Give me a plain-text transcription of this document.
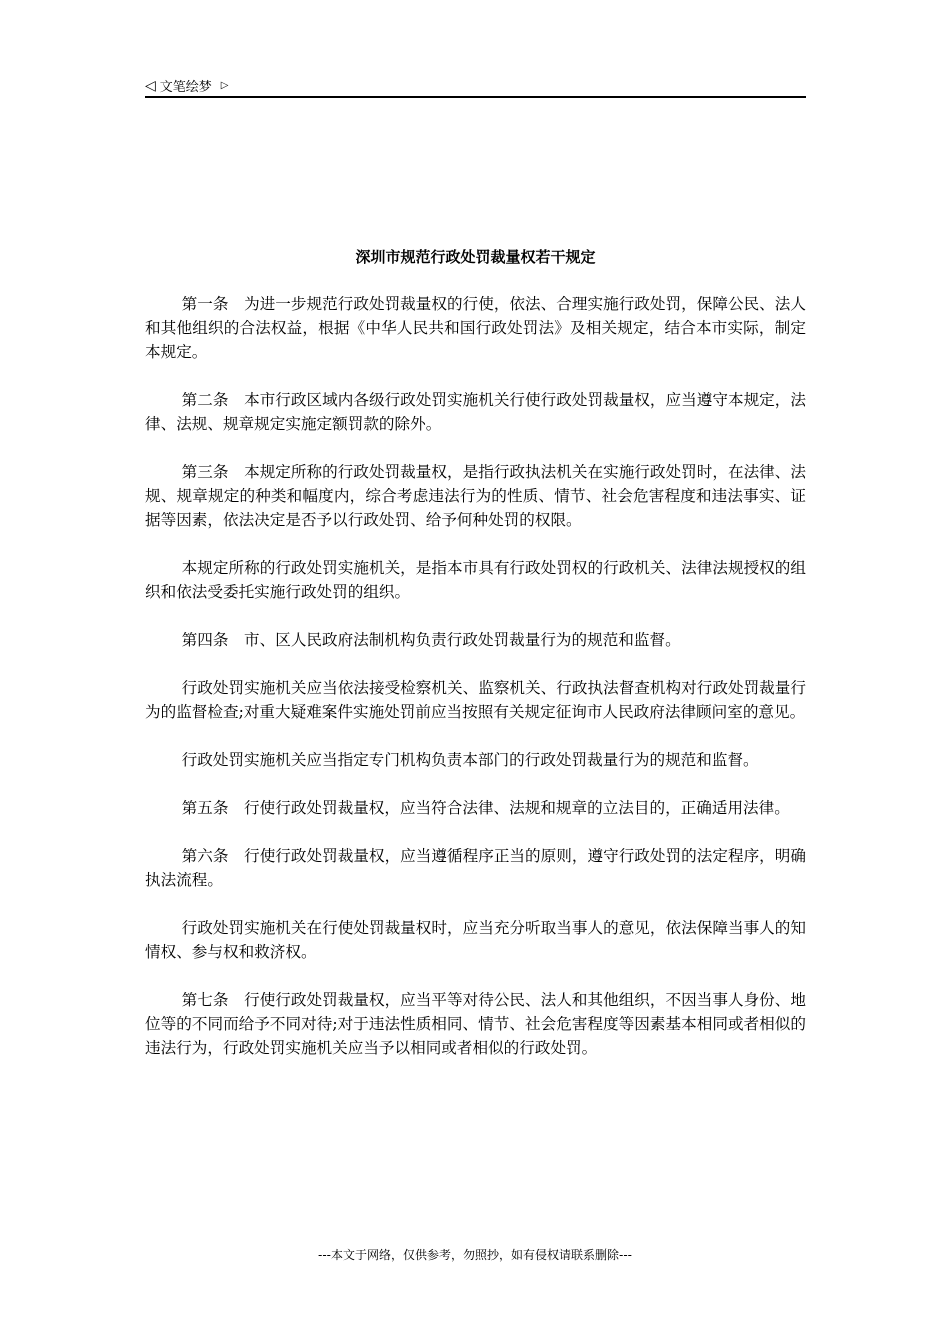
◁ 文笔绘梦 ▷
深圳市规范行政处罚裁量权若干规定

第一条　为进一步规范行政处罚裁量权的行使，依法、合理实施行政处罚，保障公民、法人和其他组织的合法权益，根据《中华人民共和国行政处罚法》及相关规定，结合本市实际，制定本规定。

第二条　本市行政区域内各级行政处罚实施机关行使行政处罚裁量权，应当遵守本规定，法律、法规、规章规定实施定额罚款的除外。

第三条　本规定所称的行政处罚裁量权，是指行政执法机关在实施行政处罚时，在法律、法规、规章规定的种类和幅度内，综合考虑违法行为的性质、情节、社会危害程度和违法事实、证据等因素，依法决定是否予以行政处罚、给予何种处罚的权限。

本规定所称的行政处罚实施机关，是指本市具有行政处罚权的行政机关、法律法规授权的组织和依法受委托实施行政处罚的组织。

第四条　市、区人民政府法制机构负责行政处罚裁量行为的规范和监督。

行政处罚实施机关应当依法接受检察机关、监察机关、行政执法督查机构对行政处罚裁量行为的监督检查;对重大疑难案件实施处罚前应当按照有关规定征询市人民政府法律顾问室的意见。

行政处罚实施机关应当指定专门机构负责本部门的行政处罚裁量行为的规范和监督。

第五条　行使行政处罚裁量权，应当符合法律、法规和规章的立法目的，正确适用法律。

第六条　行使行政处罚裁量权，应当遵循程序正当的原则，遵守行政处罚的法定程序，明确执法流程。

行政处罚实施机关在行使处罚裁量权时，应当充分听取当事人的意见，依法保障当事人的知情权、参与权和救济权。

第七条　行使行政处罚裁量权，应当平等对待公民、法人和其他组织，不因当事人身份、地位等的不同而给予不同对待;对于违法性质相同、情节、社会危害程度等因素基本相同或者相似的违法行为，行政处罚实施机关应当予以相同或者相似的行政处罚。

---本文于网络，仅供参考，勿照抄，如有侵权请联系删除---
